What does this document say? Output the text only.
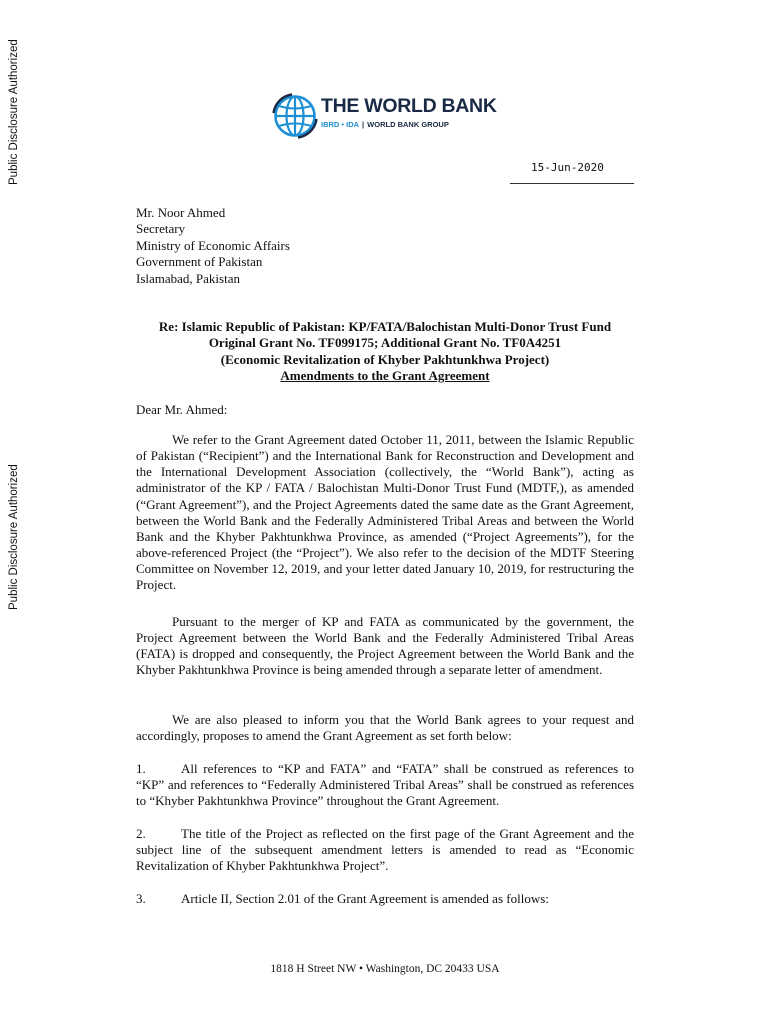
Public Disclosure Authorized
Public Disclosure Authorized
THE WORLD BANK
IBRD • IDA | WORLD BANK GROUP
15-Jun-2020
Mr. Noor Ahmed
Secretary
Ministry of Economic Affairs
Government of Pakistan
Islamabad, Pakistan
Re: Islamic Republic of Pakistan: KP/FATA/Balochistan Multi-Donor Trust Fund
Original Grant No. TF099175; Additional Grant No. TF0A4251
(Economic Revitalization of Khyber Pakhtunkhwa Project)
Amendments to the Grant Agreement
Dear Mr. Ahmed:
We refer to the Grant Agreement dated October 11, 2011, between the Islamic Republic of Pakistan (“Recipient”) and the International Bank for Reconstruction and Development and the International Development Association (collectively, the “World Bank”), acting as administrator of the KP / FATA / Balochistan Multi-Donor Trust Fund (MDTF,), as amended (“Grant Agreement”), and the Project Agreements dated the same date as the Grant Agreement, between the World Bank and the Federally Administered Tribal Areas and between the World Bank and the Khyber Pakhtunkhwa Province, as amended (“Project Agreements”), for the above-referenced Project (the “Project”). We also refer to the decision of the MDTF Steering Committee on November 12, 2019, and your letter dated January 10, 2019, for restructuring the Project.
Pursuant to the merger of KP and FATA as communicated by the government, the Project Agreement between the World Bank and the Federally Administered Tribal Areas (FATA) is dropped and consequently, the Project Agreement between the World Bank and the Khyber Pakhtunkhwa Province is being amended through a separate letter of amendment.
We are also pleased to inform you that the World Bank agrees to your request and accordingly, proposes to amend the Grant Agreement as set forth below:
1.	All references to “KP and FATA” and “FATA” shall be construed as references to “KP” and references to “Federally Administered Tribal Areas” shall be construed as references to “Khyber Pakhtunkhwa Province” throughout the Grant Agreement.
2.	The title of the Project as reflected on the first page of the Grant Agreement and the subject line of the subsequent amendment letters is amended to read as “Economic Revitalization of Khyber Pakhtunkhwa Project”.
3.	Article II, Section 2.01 of the Grant Agreement is amended as follows:
1818 H Street NW • Washington, DC 20433 USA
